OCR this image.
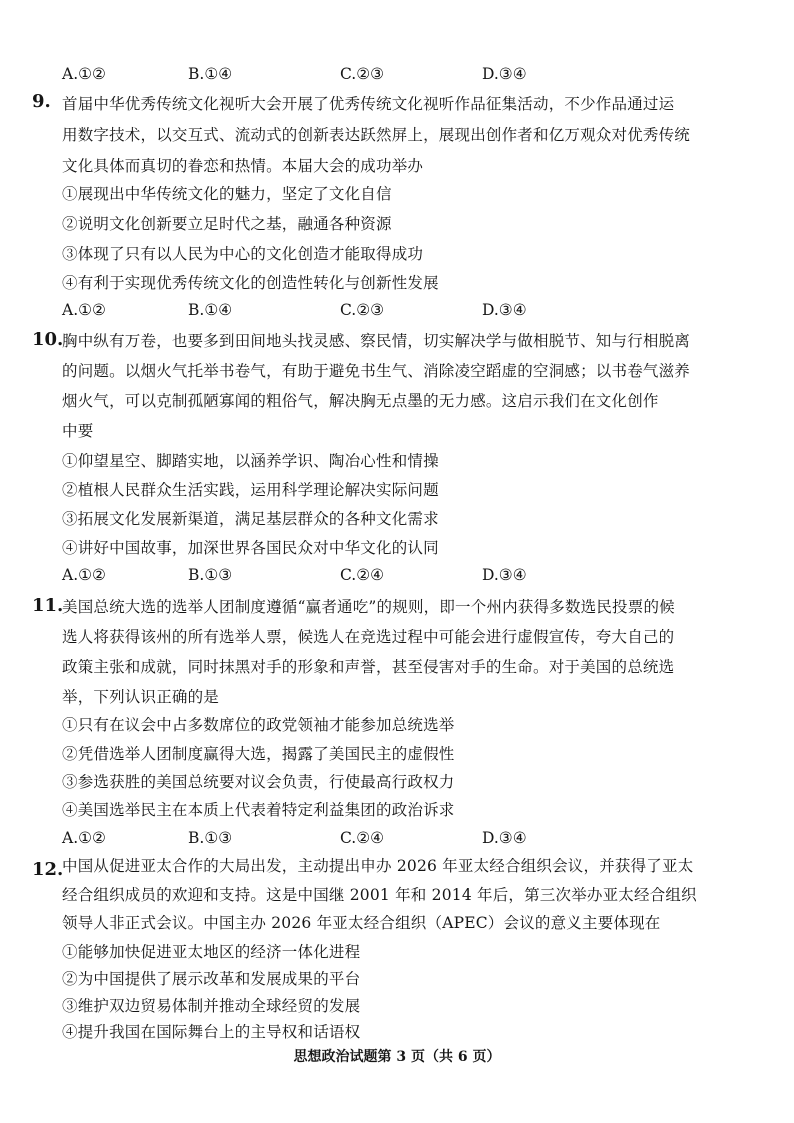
A.①②	B.①④	C.②③	D.③④
9. 首届中华优秀传统文化视听大会开展了优秀传统文化视听作品征集活动，不少作品通过运
用数字技术，以交互式、流动式的创新表达跃然屏上，展现出创作者和亿万观众对优秀传统
文化具体而真切的眷恋和热情。本届大会的成功举办
①展现出中华传统文化的魅力，坚定了文化自信
②说明文化创新要立足时代之基，融通各种资源
③体现了只有以人民为中心的文化创造才能取得成功
④有利于实现优秀传统文化的创造性转化与创新性发展
A.①②	B.①④	C.②③	D.③④
10.
胸中纵有万卷，也要多到田间地头找灵感、察民情，切实解决学与做相脱节、知与行相脱离
的问题。以烟火气托举书卷气，有助于避免书生气、消除凌空蹈虚的空洞感；以书卷气滋养
烟火气，可以克制孤陋寡闻的粗俗气，解决胸无点墨的无力感。这启示我们在文化创作
中要
①仰望星空、脚踏实地，以涵养学识、陶冶心性和情操
②植根人民群众生活实践，运用科学理论解决实际问题
③拓展文化发展新渠道，满足基层群众的各种文化需求
④讲好中国故事，加深世界各国民众对中华文化的认同
A.①②	B.①③	C.②④	D.③④
11.
美国总统大选的选举人团制度遵循“赢者通吃”的规则，即一个州内获得多数选民投票的候
选人将获得该州的所有选举人票，候选人在竞选过程中可能会进行虚假宣传，夸大自己的
政策主张和成就，同时抹黑对手的形象和声誉，甚至侵害对手的生命。对于美国的总统选
举，下列认识正确的是
①只有在议会中占多数席位的政党领袖才能参加总统选举
②凭借选举人团制度赢得大选，揭露了美国民主的虚假性
③参选获胜的美国总统要对议会负责，行使最高行政权力
④美国选举民主在本质上代表着特定利益集团的政治诉求
A.①②	B.①③	C.②④	D.③④
12.
中国从促进亚太合作的大局出发，主动提出申办 2026 年亚太经合组织会议，并获得了亚太
经合组织成员的欢迎和支持。这是中国继 2001 年和 2014 年后，第三次举办亚太经合组织
领导人非正式会议。中国主办 2026 年亚太经合组织（APEC）会议的意义主要体现在
①能够加快促进亚太地区的经济一体化进程
②为中国提供了展示改革和发展成果的平台
③维护双边贸易体制并推动全球经贸的发展
④提升我国在国际舞台上的主导权和话语权
思想政治试题第 3 页（共 6 页）
